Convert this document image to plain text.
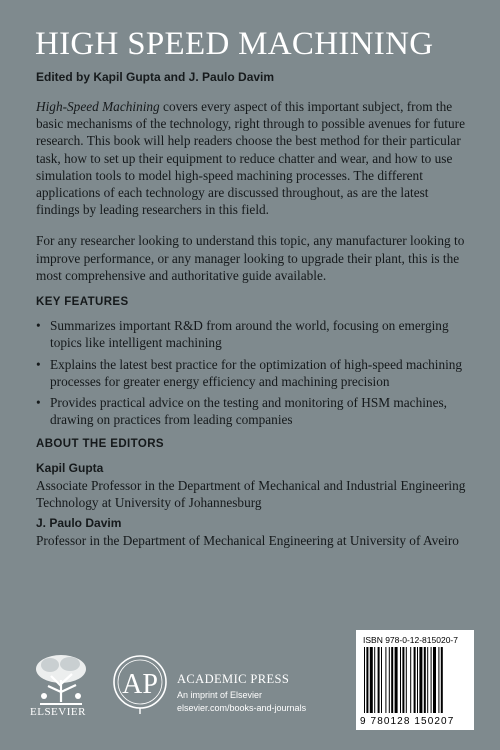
HIGH SPEED MACHINING
Edited by Kapil Gupta and J. Paulo Davim

High-Speed Machining covers every aspect of this important subject, from the basic mechanisms of the technology, right through to possible avenues for future research. This book will help readers choose the best method for their particular task, how to set up their equipment to reduce chatter and wear, and how to use simulation tools to model high-speed machining processes. The different applications of each technology are discussed throughout, as are the latest findings by leading researchers in this field.

For any researcher looking to understand this topic, any manufacturer looking to improve performance, or any manager looking to upgrade their plant, this is the most comprehensive and authoritative guide available.

KEY FEATURES
• Summarizes important R&D from around the world, focusing on emerging topics like intelligent machining
• Explains the latest best practice for the optimization of high-speed machining processes for greater energy efficiency and machining precision
• Provides practical advice on the testing and monitoring of HSM machines, drawing on practices from leading companies
ABOUT THE EDITORS
Kapil Gupta
Associate Professor in the Department of Mechanical and Industrial Engineering Technology at University of Johannesburg
J. Paulo Davim
Professor in the Department of Mechanical Engineering at University of Aveiro
ISBN 978-0-12-815020-7
9 780128 150207
ELSEVIER
AP ACADEMIC PRESS
An imprint of Elsevier
elsevier.com/books-and-journals
